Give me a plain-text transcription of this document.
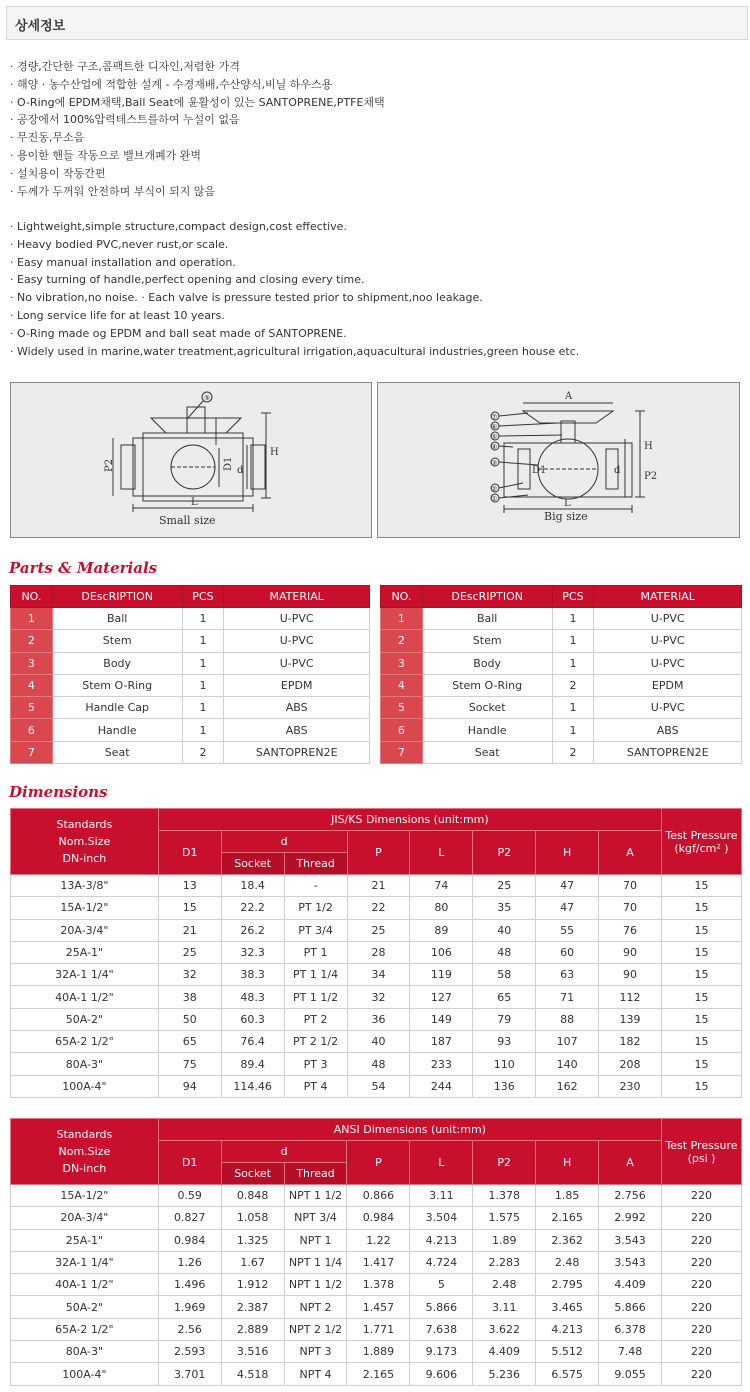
상세정보
· 경량,간단한 구조,콤팩트한 디자인,저렴한 가격
· 해양 · 농수산업에 적합한 설계 - 수경재배,수산양식,비닐 하우스용
· O-Ring에 EPDM채택,Ball Seat에 윤활성이 있는 SANTOPRENE,PTFE채택
· 공장에서 100%압력테스트를하여 누설이 없음
· 무진동,무소음
· 용이한 핸들 작동으로 밸브개폐가 완벽
· 설치용이 작동간편
· 두께가 두꺼워 안전하며 부식이 되지 않음
· Lightweight,simple structure,compact design,cost effective.
· Heavy bodied PVC,never rust,or scale.
· Easy manual installation and operation.
· Easy turning of handle,perfect opening and closing every time.
· No vibration,no noise. · Each valve is pressure tested prior to shipment,noo leakage.
· Long service life for at least 10 years.
· O-Ring made og EPDM and ball seat made of SANTOPRENE.
· Widely used in marine,water treatment,agricultural irrigation,aquacultural industries,green house etc.
⑤
H
P2	D1 d
L
Small size
A
⑦
⑥
⑤
④
③
②
①
D1	d
H
P2
L
Big size
Parts & Materials
NO.	DEscRIPTION	PCS	MATERIAL
1	Ball	1	U-PVC
2	Stem	1	U-PVC
3	Body	1	U-PVC
4	Stem O-Ring	1	EPDM
5	Handle Cap	1	ABS
6	Handle	1	ABS
7	Seat	2	SANTOPREN2E
NO.	DEscRIPTION	PCS	MATERIAL
1	Ball	1	U-PVC
2	Stem	1	U-PVC
3	Body	1	U-PVC
4	Stem O-Ring	2	EPDM
5	Socket	1	U-PVC
6	Handle	1	ABS
7	Seat	2	SANTOPREN2E
Dimensions
Standards
Nom.Size
DN-inch	JIS/KS Dimensions (unit:mm)								Test Pressure
(kgf/cm² )
	D1	d		P	L	P2	H	A	
		Socket	Thread						
13A-3/8"	13	18.4	-	21	74	25	47	70	15
15A-1/2"	15	22.2	PT 1/2	22	80	35	47	70	15
20A-3/4"	21	26.2	PT 3/4	25	89	40	55	76	15
25A-1"	25	32.3	PT 1	28	106	48	60	90	15
32A-1 1/4"	32	38.3	PT 1 1/4	34	119	58	63	90	15
40A-1 1/2"	38	48.3	PT 1 1/2	32	127	65	71	112	15
50A-2"	50	60.3	PT 2	36	149	79	88	139	15
65A-2 1/2"	65	76.4	PT 2 1/2	40	187	93	107	182	15
80A-3"	75	89.4	PT 3	48	233	110	140	208	15
100A-4"	94	114.46	PT 4	54	244	136	162	230	15
Standards
Nom.Size
DN-inch	ANSI Dimensions (unit:mm)								Test Pressure
(psi )
	D1	d		P	L	P2	H	A	
		Socket	Thread						
15A-1/2"	0.59	0.848	NPT 1 1/2	0.866	3.11	1.378	1.85	2.756	220
20A-3/4"	0.827	1.058	NPT 3/4	0.984	3.504	1.575	2.165	2.992	220
25A-1"	0.984	1.325	NPT 1	1.22	4.213	1.89	2.362	3.543	220
32A-1 1/4"	1.26	1.67	NPT 1 1/4	1.417	4.724	2.283	2.48	3.543	220
40A-1 1/2"	1.496	1.912	NPT 1 1/2	1.378	5	2.48	2.795	4.409	220
50A-2"	1.969	2.387	NPT 2	1.457	5.866	3.11	3.465	5.866	220
65A-2 1/2"	2.56	2.889	NPT 2 1/2	1.771	7.638	3.622	4.213	6.378	220
80A-3"	2.593	3.516	NPT 3	1.889	9.173	4.409	5.512	7.48	220
100A-4"	3.701	4.518	NPT 4	2.165	9.606	5.236	6.575	9.055	220
